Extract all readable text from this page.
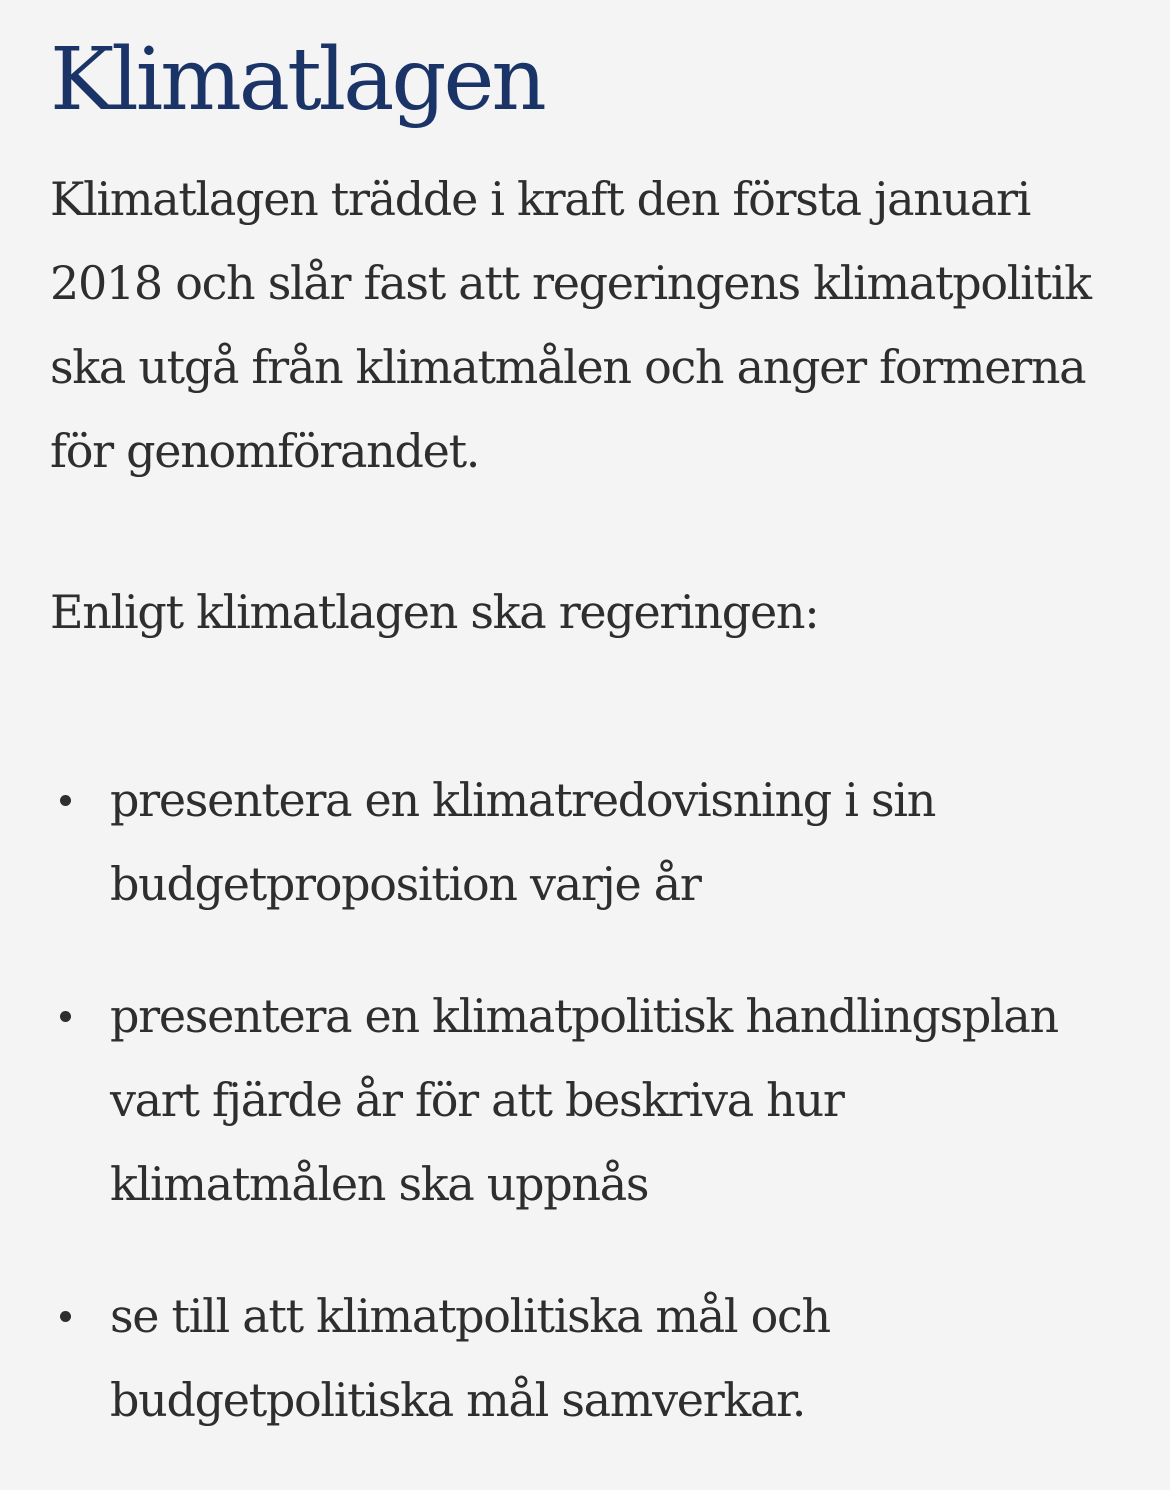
Klimatlagen

Klimatlagen trädde i kraft den första januari 2018 och slår fast att regeringens klimatpolitik ska utgå från klimatmålen och anger formerna för genomförandet.

Enligt klimatlagen ska regeringen:

presentera en klimatredovisning i sin budgetproposition varje år
presentera en klimatpolitisk handlingsplan vart fjärde år för att beskriva hur klimatmålen ska uppnås
se till att klimatpolitiska mål och budgetpolitiska mål samverkar.
